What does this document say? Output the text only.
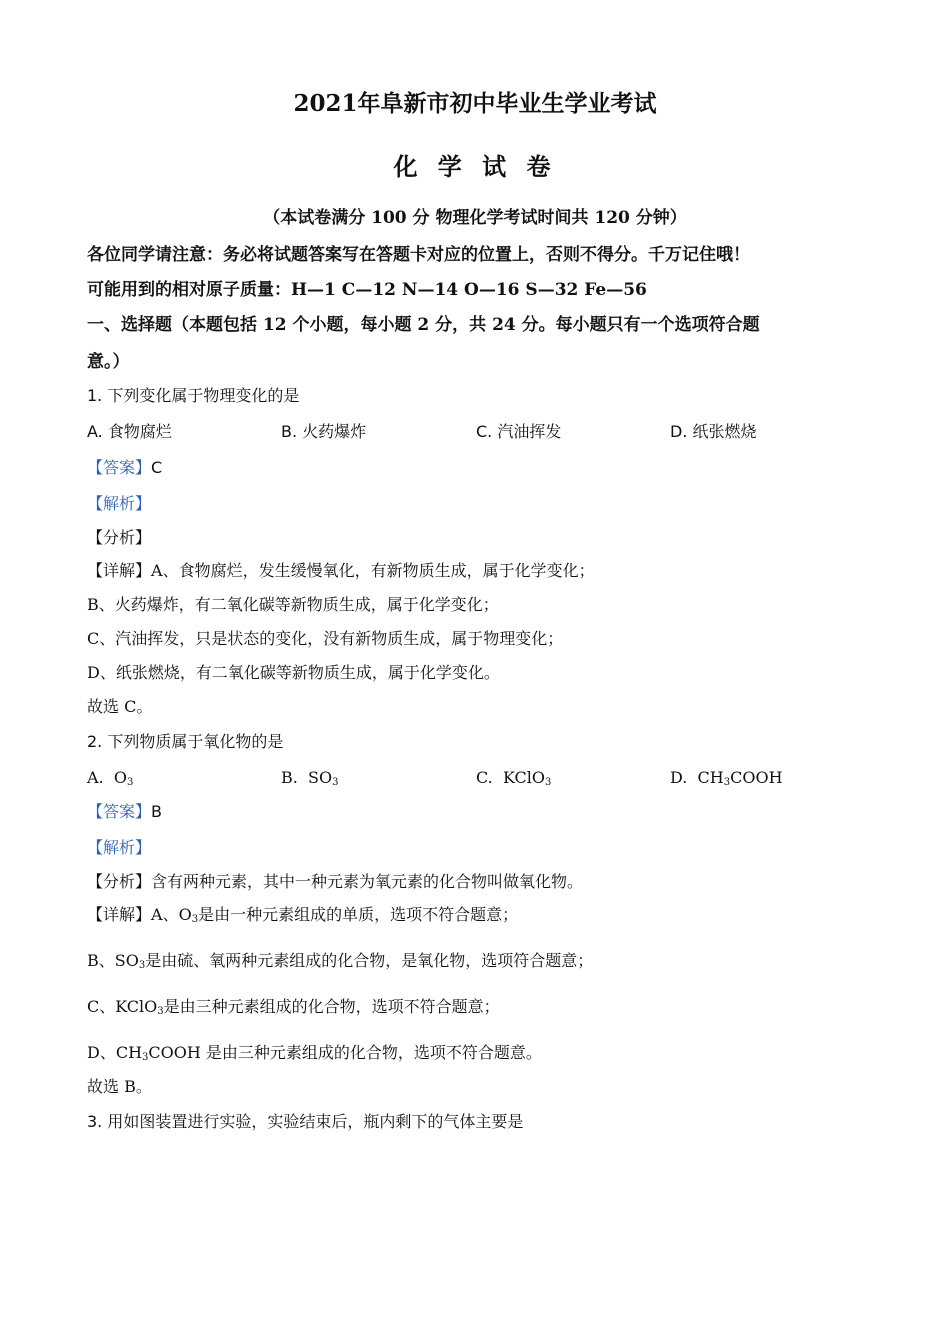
2021年阜新市初中毕业生学业考试
化 学 试 卷
（本试卷满分 100 分 物理化学考试时间共 120 分钟）
各位同学请注意：务必将试题答案写在答题卡对应的位置上，否则不得分。千万记住哦！
可能用到的相对原子质量：H—1 C—12 N—14 O—16 S—32 Fe—56
一、选择题（本题包括 12 个小题，每小题 2 分，共 24 分。每小题只有一个选项符合题
意。）
1. 下列变化属于物理变化的是
A. 食物腐烂	B. 火药爆炸	C. 汽油挥发	D. 纸张燃烧
【答案】C
【解析】
【分析】
【详解】A、食物腐烂，发生缓慢氧化，有新物质生成，属于化学变化；
B、火药爆炸，有二氧化碳等新物质生成，属于化学变化；
C、汽油挥发，只是状态的变化，没有新物质生成，属于物理变化；
D、纸张燃烧，有二氧化碳等新物质生成，属于化学变化。
故选 C。
2. 下列物质属于氧化物的是
A. $O_3$	B. $SO_3$	C. KClO$_3$	D. $CH_3COOH$
【答案】B
【解析】
【分析】含有两种元素，其中一种元素为氧元素的化合物叫做氧化物。
【详解】A、$O_3$是由一种元素组成的单质，选项不符合题意；
B、$SO_3$是由硫、氧两种元素组成的化合物，是氧化物，选项符合题意；
C、KClO$_3$是由三种元素组成的化合物，选项不符合题意；
D、$CH_3COOH$ 是由三种元素组成的化合物，选项不符合题意。
故选 B。
3. 用如图装置进行实验，实验结束后，瓶内剩下的气体主要是
